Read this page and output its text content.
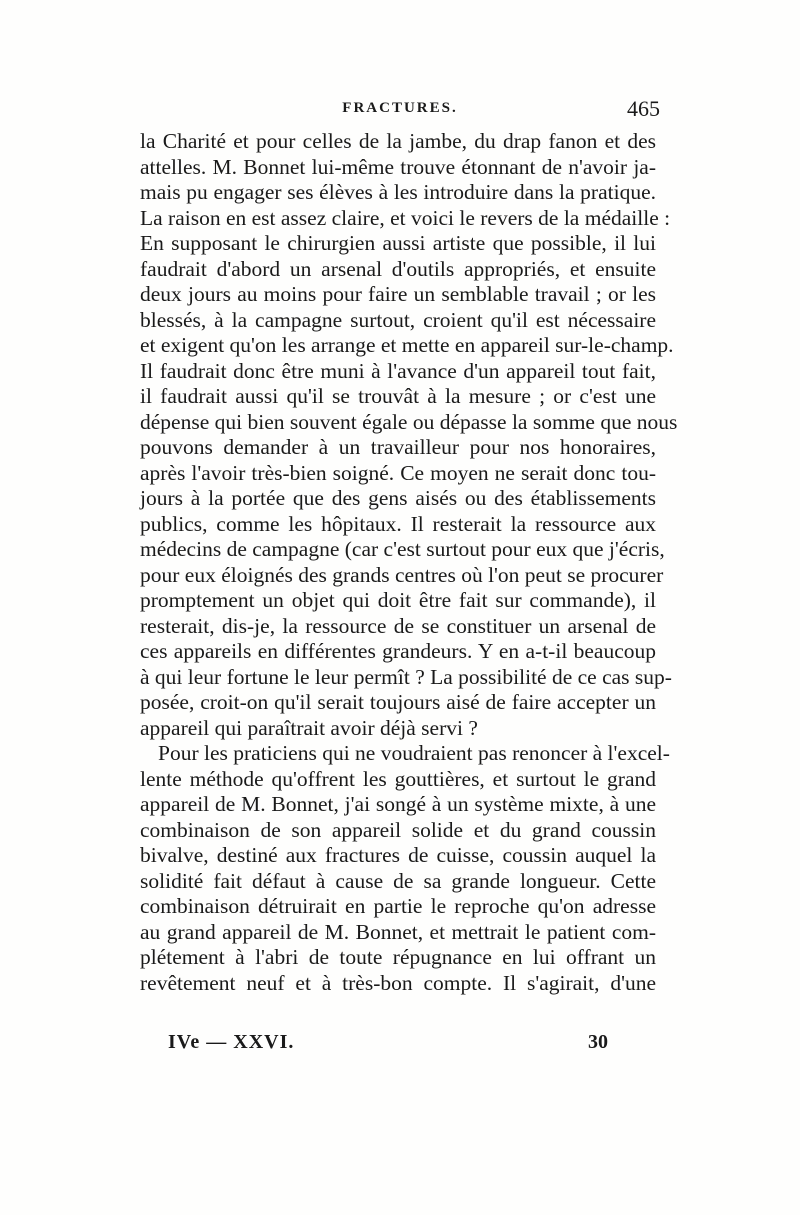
FRACTURES.	465
la Charité et pour celles de la jambe, du drap fanon et des
attelles. M. Bonnet lui-même trouve étonnant de n'avoir ja-
mais pu engager ses élèves à les introduire dans la pratique.
La raison en est assez claire, et voici le revers de la médaille :
En supposant le chirurgien aussi artiste que possible, il lui
faudrait d'abord un arsenal d'outils appropriés, et ensuite
deux jours au moins pour faire un semblable travail ; or les
blessés, à la campagne surtout, croient qu'il est nécessaire
et exigent qu'on les arrange et mette en appareil sur-le-champ.
Il faudrait donc être muni à l'avance d'un appareil tout fait,
il faudrait aussi qu'il se trouvât à la mesure ; or c'est une
dépense qui bien souvent égale ou dépasse la somme que nous
pouvons demander à un travailleur pour nos honoraires,
après l'avoir très-bien soigné. Ce moyen ne serait donc tou-
jours à la portée que des gens aisés ou des établissements
publics, comme les hôpitaux. Il resterait la ressource aux
médecins de campagne (car c'est surtout pour eux que j'écris,
pour eux éloignés des grands centres où l'on peut se procurer
promptement un objet qui doit être fait sur commande), il
resterait, dis-je, la ressource de se constituer un arsenal de
ces appareils en différentes grandeurs. Y en a-t-il beaucoup
à qui leur fortune le leur permît ? La possibilité de ce cas sup-
posée, croit-on qu'il serait toujours aisé de faire accepter un
appareil qui paraîtrait avoir déjà servi ?
Pour les praticiens qui ne voudraient pas renoncer à l'excel-
lente méthode qu'offrent les gouttières, et surtout le grand
appareil de M. Bonnet, j'ai songé à un système mixte, à une
combinaison de son appareil solide et du grand coussin
bivalve, destiné aux fractures de cuisse, coussin auquel la
solidité fait défaut à cause de sa grande longueur. Cette
combinaison détruirait en partie le reproche qu'on adresse
au grand appareil de M. Bonnet, et mettrait le patient com-
plétement à l'abri de toute répugnance en lui offrant un
revêtement neuf et à très-bon compte. Il s'agirait, d'une
IVe — XXVI.	30
